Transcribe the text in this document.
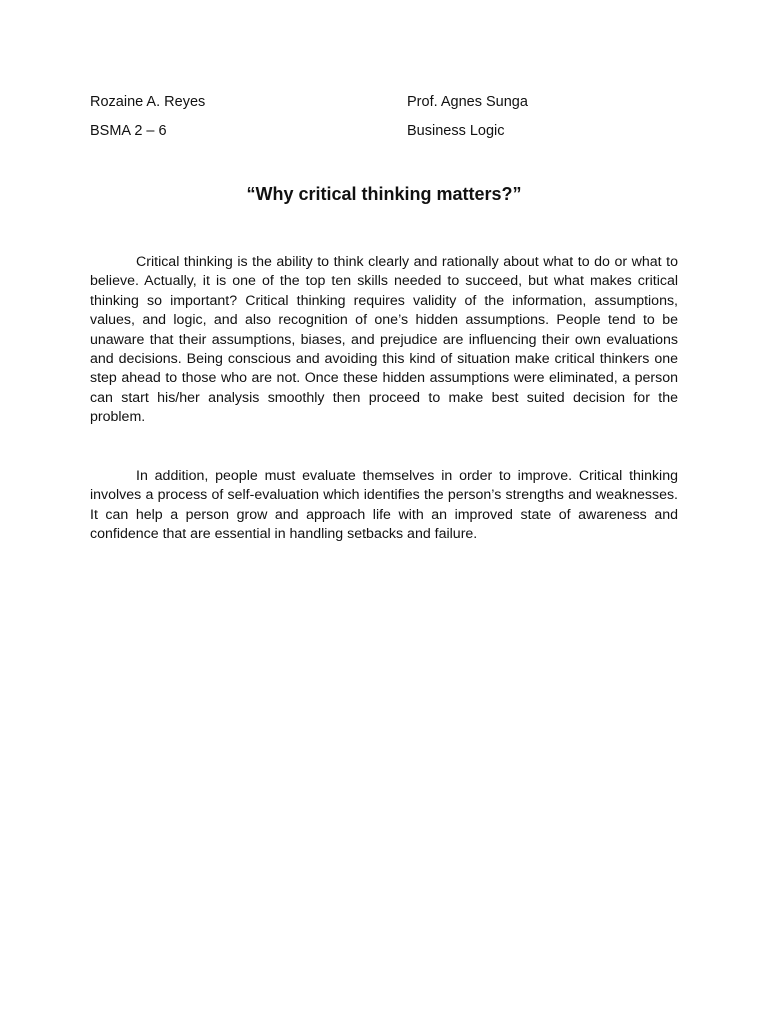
Rozaine A. Reyes	Prof. Agnes Sunga
BSMA 2 – 6	Business Logic
“Why critical thinking matters?”

Critical thinking is the ability to think clearly and rationally about what to do or what to believe. Actually, it is one of the top ten skills needed to succeed, but what makes critical thinking so important? Critical thinking requires validity of the information, assumptions, values, and logic, and also recognition of one’s hidden assumptions. People tend to be unaware that their assumptions, biases, and prejudice are influencing their own evaluations and decisions. Being conscious and avoiding this kind of situation make critical thinkers one step ahead to those who are not. Once these hidden assumptions were eliminated, a person can start his/her analysis smoothly then proceed to make best suited decision for the problem.

In addition, people must evaluate themselves in order to improve. Critical thinking involves a process of self-evaluation which identifies the person’s strengths and weaknesses. It can help a person grow and approach life with an improved state of awareness and confidence that are essential in handling setbacks and failure.
